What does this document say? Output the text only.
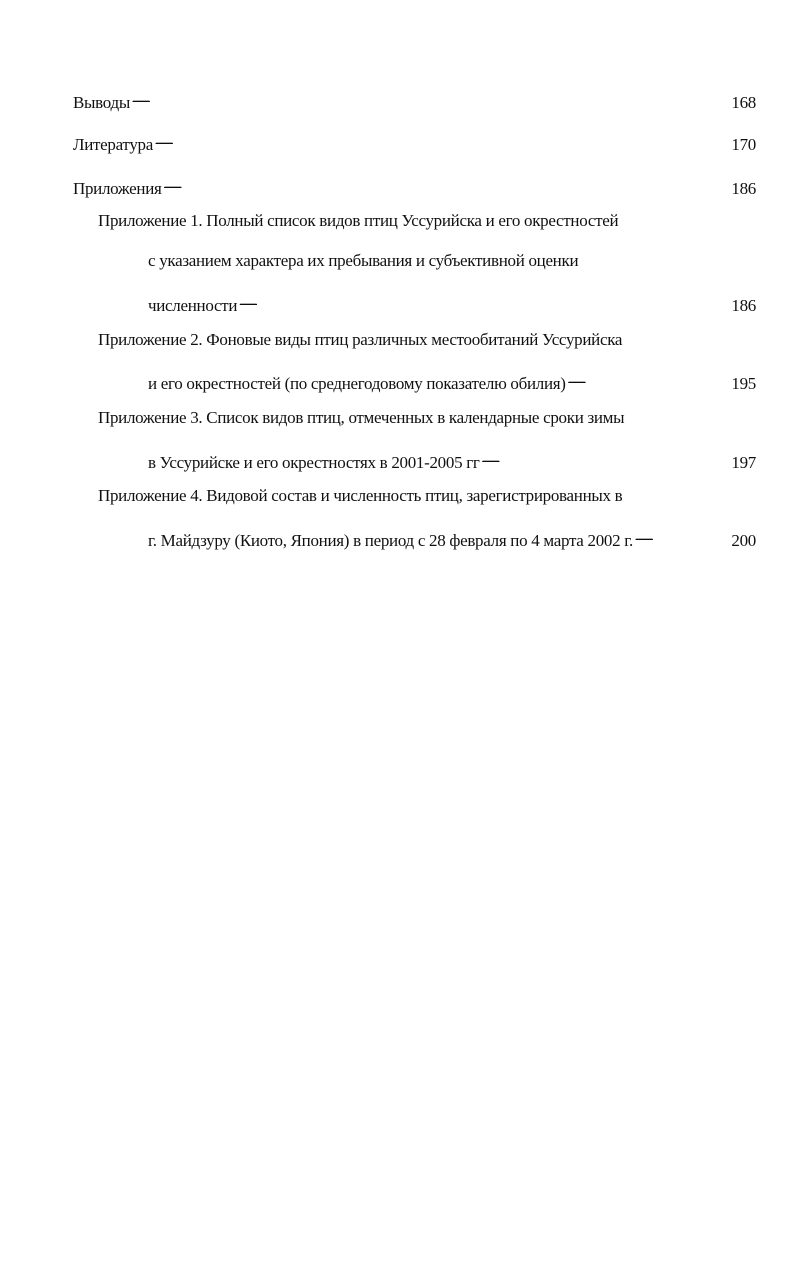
Выводы . . .	168
Литература . . .	170
Приложения . . .	186
Приложение 1. Полный список видов птиц Уссурийска и его окрестностей
с указанием характера их пребывания и субъективной оценки
численности . . .	186
Приложение 2. Фоновые виды птиц различных местообитаний Уссурийска
и его окрестностей (по среднегодовому показателю обилия) . . .	195
Приложение 3. Список видов птиц, отмеченных в календарные сроки зимы
в Уссурийске и его окрестностях в 2001-2005 гг . . .	197
Приложение 4. Видовой состав и численность птиц, зарегистрированных в
г. Майдзуру (Киото, Япония) в период с 28 февраля по 4 марта 2002 г. . . .	200
